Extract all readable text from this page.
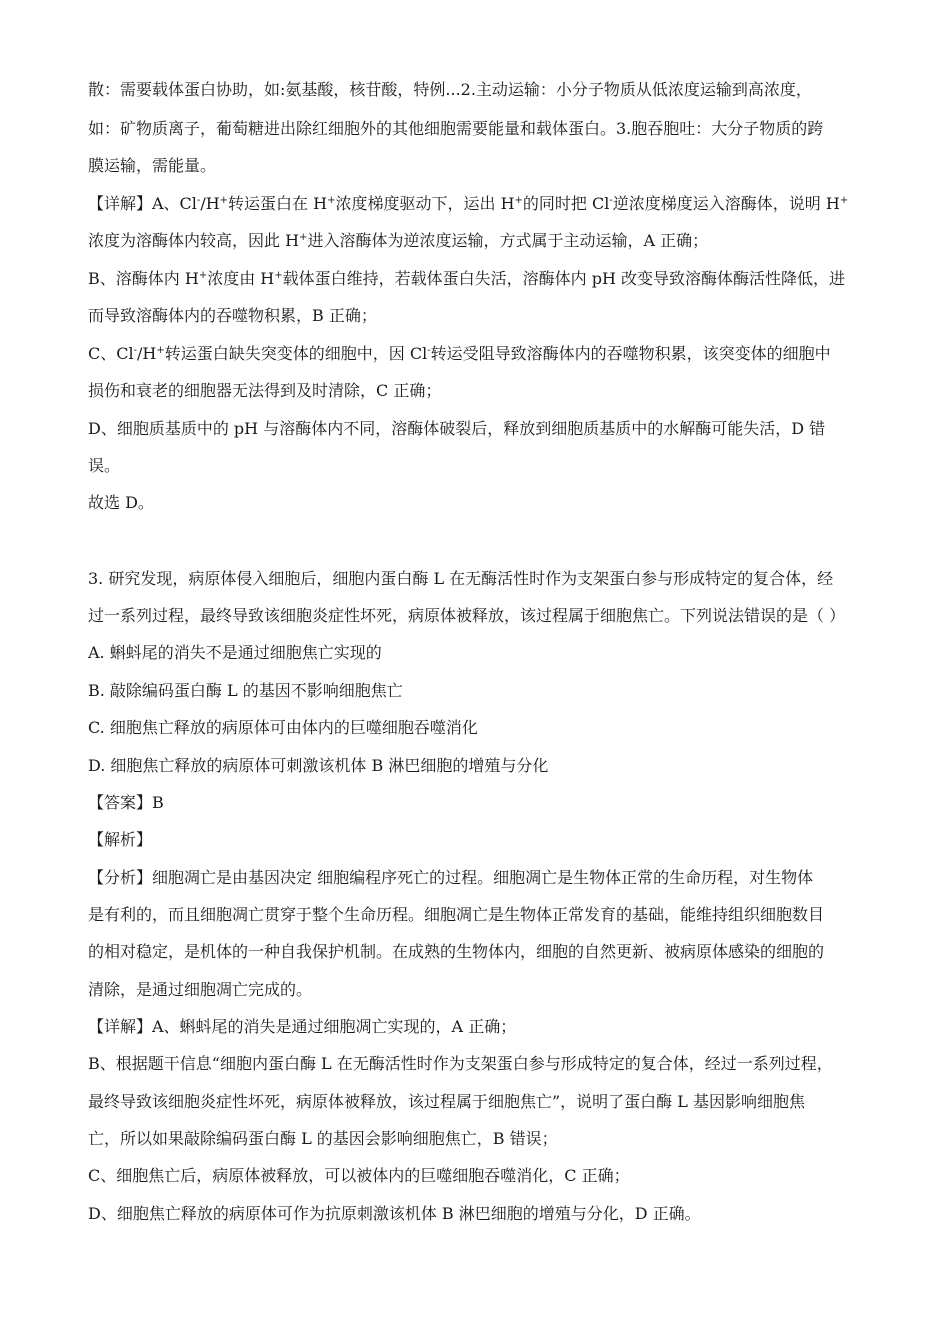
散：需要载体蛋白协助，如:氨基酸，核苷酸，特例...2.主动运输：小分子物质从低浓度运输到高浓度，
如：矿物质离子，葡萄糖进出除红细胞外的其他细胞需要能量和载体蛋白。3.胞吞胞吐：大分子物质的跨
膜运输，需能量。
【详解】A、Cl-/H+转运蛋白在 H+浓度梯度驱动下，运出 H+的同时把 Cl-逆浓度梯度运入溶酶体，说明 H+
浓度为溶酶体内较高，因此 H+进入溶酶体为逆浓度运输，方式属于主动运输，A 正确；
B、溶酶体内 H+浓度由 H+载体蛋白维持，若载体蛋白失活，溶酶体内 pH 改变导致溶酶体酶活性降低，进
而导致溶酶体内的吞噬物积累，B 正确；
C、Cl-/H+转运蛋白缺失突变体的细胞中，因 Cl-转运受阻导致溶酶体内的吞噬物积累，该突变体的细胞中
损伤和衰老的细胞器无法得到及时清除，C 正确；
D、细胞质基质中的 pH 与溶酶体内不同，溶酶体破裂后，释放到细胞质基质中的水解酶可能失活，D 错
误。
故选 D。
3. 研究发现，病原体侵入细胞后，细胞内蛋白酶 L 在无酶活性时作为支架蛋白参与形成特定的复合体，经
过一系列过程，最终导致该细胞炎症性坏死，病原体被释放，该过程属于细胞焦亡。下列说法错误的是（ ）
A. 蝌蚪尾的消失不是通过细胞焦亡实现的
B. 敲除编码蛋白酶 L 的基因不影响细胞焦亡
C. 细胞焦亡释放的病原体可由体内的巨噬细胞吞噬消化
D. 细胞焦亡释放的病原体可刺激该机体 B 淋巴细胞的增殖与分化
【答案】B
【解析】
【分析】细胞凋亡是由基因决定 细胞编程序死亡的过程。细胞凋亡是生物体正常的生命历程，对生物体
是有利的，而且细胞凋亡贯穿于整个生命历程。细胞凋亡是生物体正常发育的基础，能维持组织细胞数目
的相对稳定，是机体的一种自我保护机制。在成熟的生物体内，细胞的自然更新、被病原体感染的细胞的
清除，是通过细胞凋亡完成的。
【详解】A、蝌蚪尾的消失是通过细胞凋亡实现的，A 正确；
B、根据题干信息“细胞内蛋白酶 L 在无酶活性时作为支架蛋白参与形成特定的复合体，经过一系列过程，
最终导致该细胞炎症性坏死，病原体被释放，该过程属于细胞焦亡”，说明了蛋白酶 L 基因影响细胞焦
亡，所以如果敲除编码蛋白酶 L 的基因会影响细胞焦亡，B 错误；
C、细胞焦亡后，病原体被释放，可以被体内的巨噬细胞吞噬消化，C 正确；
D、细胞焦亡释放的病原体可作为抗原刺激该机体 B 淋巴细胞的增殖与分化，D 正确。
